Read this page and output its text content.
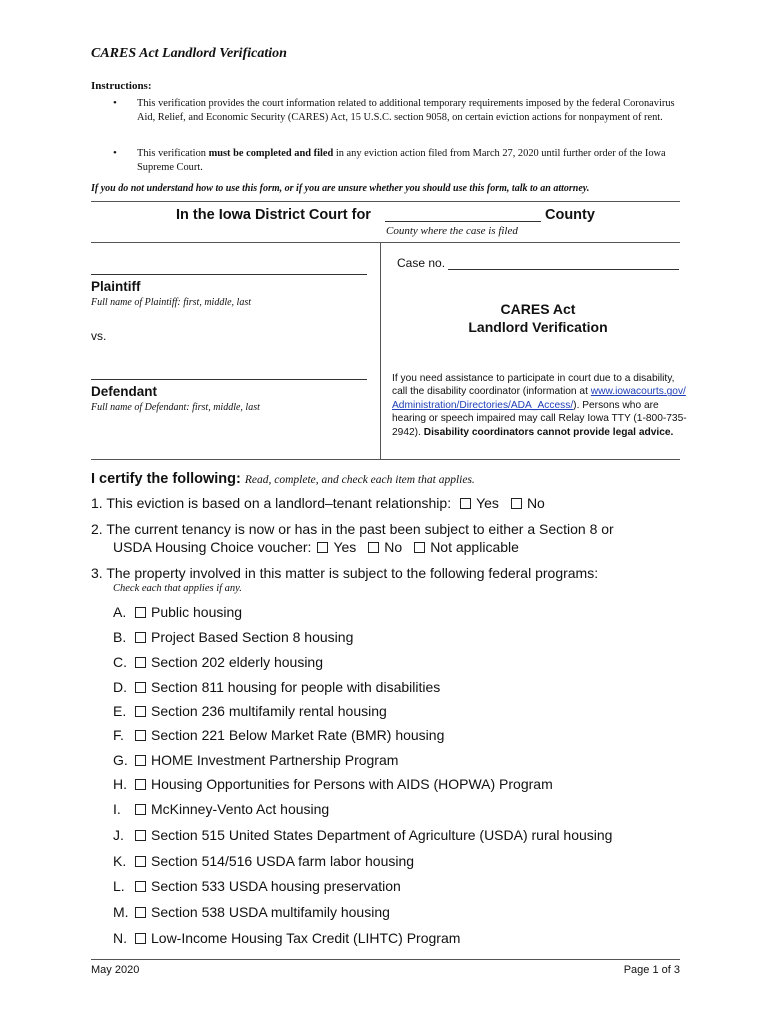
CARES Act Landlord Verification
Instructions:
• This verification provides the court information related to additional temporary requirements imposed by the federal Coronavirus Aid, Relief, and Economic Security (CARES) Act, 15 U.S.C. section 9058, on certain eviction actions for nonpayment of rent.
• This verification must be completed and filed in any eviction action filed from March 27, 2020 until further order of the Iowa Supreme Court.
If you do not understand how to use this form, or if you are unsure whether you should use this form, talk to an attorney.
In the Iowa District Court for	County
County where the case is filed
Case no.
Plaintiff
Full name of Plaintiff: first, middle, last
vs.
Defendant
Full name of Defendant: first, middle, last
CARES Act
Landlord Verification
If you need assistance to participate in court due to a disability, call the disability coordinator (information at www.iowacourts.gov/Administration/Directories/ADA_Access/). Persons who are hearing or speech impaired may call Relay Iowa TTY (1-800-735-2942). Disability coordinators cannot provide legal advice.
I certify the following: Read, complete, and check each item that applies.
1. This eviction is based on a landlord–tenant relationship: Yes No
2. The current tenancy is now or has in the past been subject to either a Section 8 or
USDA Housing Choice voucher: Yes No Not applicable
3. The property involved in this matter is subject to the following federal programs:
Check each that applies if any.
A. Public housing
B. Project Based Section 8 housing
C. Section 202 elderly housing
D. Section 811 housing for people with disabilities
E. Section 236 multifamily rental housing
F. Section 221 Below Market Rate (BMR) housing
G. HOME Investment Partnership Program
H. Housing Opportunities for Persons with AIDS (HOPWA) Program
I. McKinney-Vento Act housing
J. Section 515 United States Department of Agriculture (USDA) rural housing
K. Section 514/516 USDA farm labor housing
L. Section 533 USDA housing preservation
M. Section 538 USDA multifamily housing
N. Low-Income Housing Tax Credit (LIHTC) Program
May 2020	Page 1 of 3
